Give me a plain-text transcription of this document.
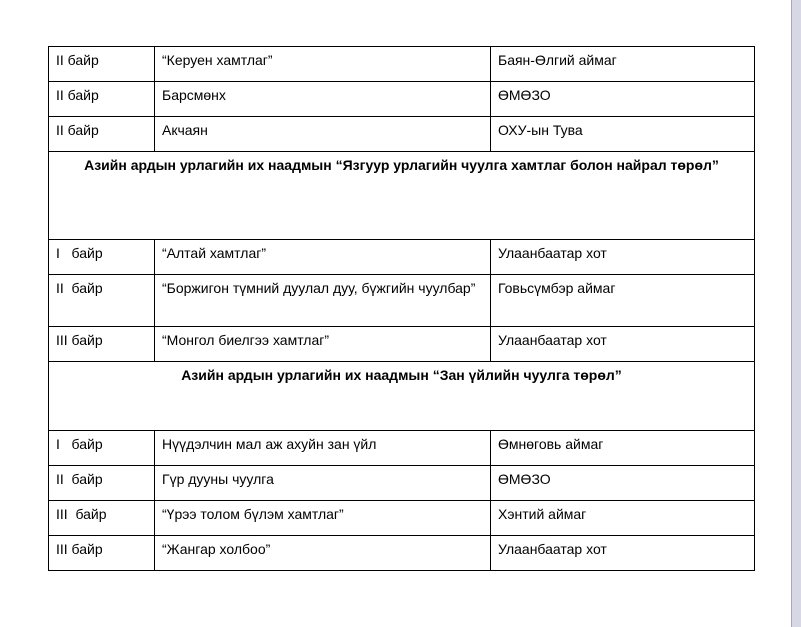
II байр	“Керуен хамтлаг”	Баян-Өлгий аймаг
II байр	Барсмөнх	ӨМӨЗО
II байр	Акчаян	ОХУ-ын Тува
Азийн ардын урлагийн их наадмын “Язгуур урлагийн чуулга хамтлаг болон найрал төрөл”		
I   байр	“Алтай хамтлаг”	Улаанбаатар хот
II  байр	“Боржигон түмний дуулал дуу, бүжгийн чуулбар”	Говьсүмбэр аймаг
III байр	“Монгол биелгээ хамтлаг”	Улаанбаатар хот
Азийн ардын урлагийн их наадмын “Зан үйлийн чуулга төрөл”		
I   байр	Нүүдэлчин мал аж ахуйн зан үйл	Өмнөговь аймаг
II  байр	Гүр дууны чуулга	ӨМӨЗО
III  байр	“Үрээ толом бүлэм хамтлаг”	Хэнтий аймаг
III байр	“Жангар холбоо”	Улаанбаатар хот
